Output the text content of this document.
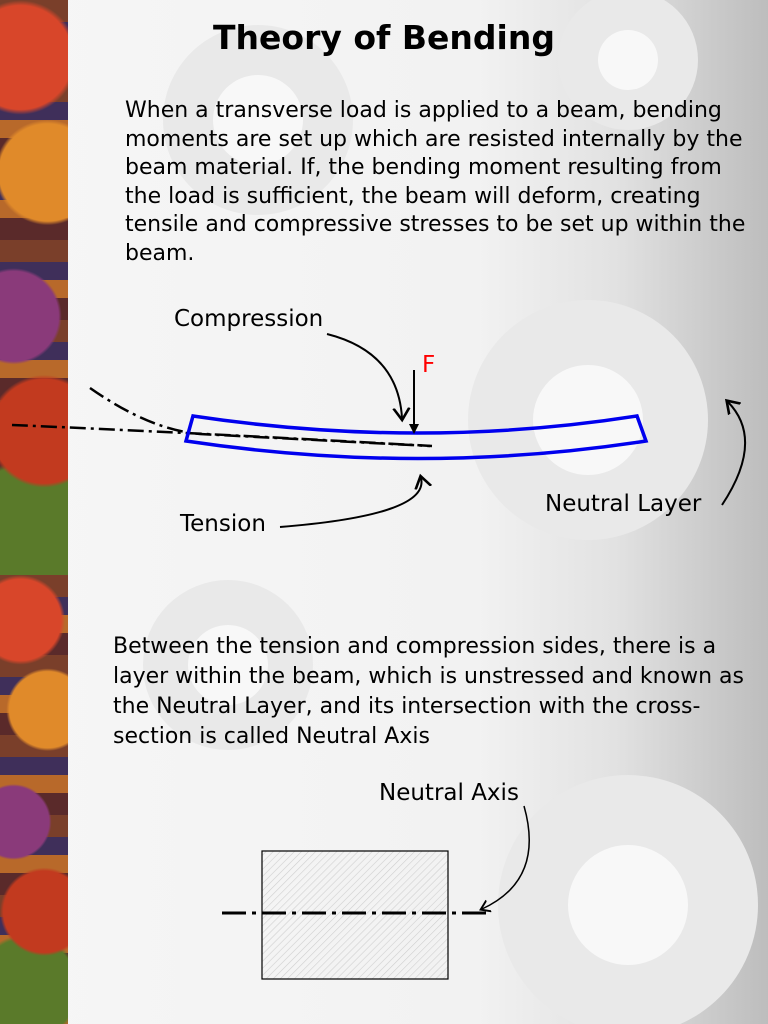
Theory of Bending

When a transverse load is applied to a beam, bending moments are set up which are resisted internally by the beam material. If, the bending moment resulting from the load is sufficient, the beam will deform, creating tensile and compressive stresses to be set up within the beam.

Compression
F
Tension
Neutral Layer

Between the tension and compression sides, there is a layer within the beam, which is unstressed and known as the Neutral Layer, and its intersection with the cross-section is called Neutral Axis

Neutral Axis
